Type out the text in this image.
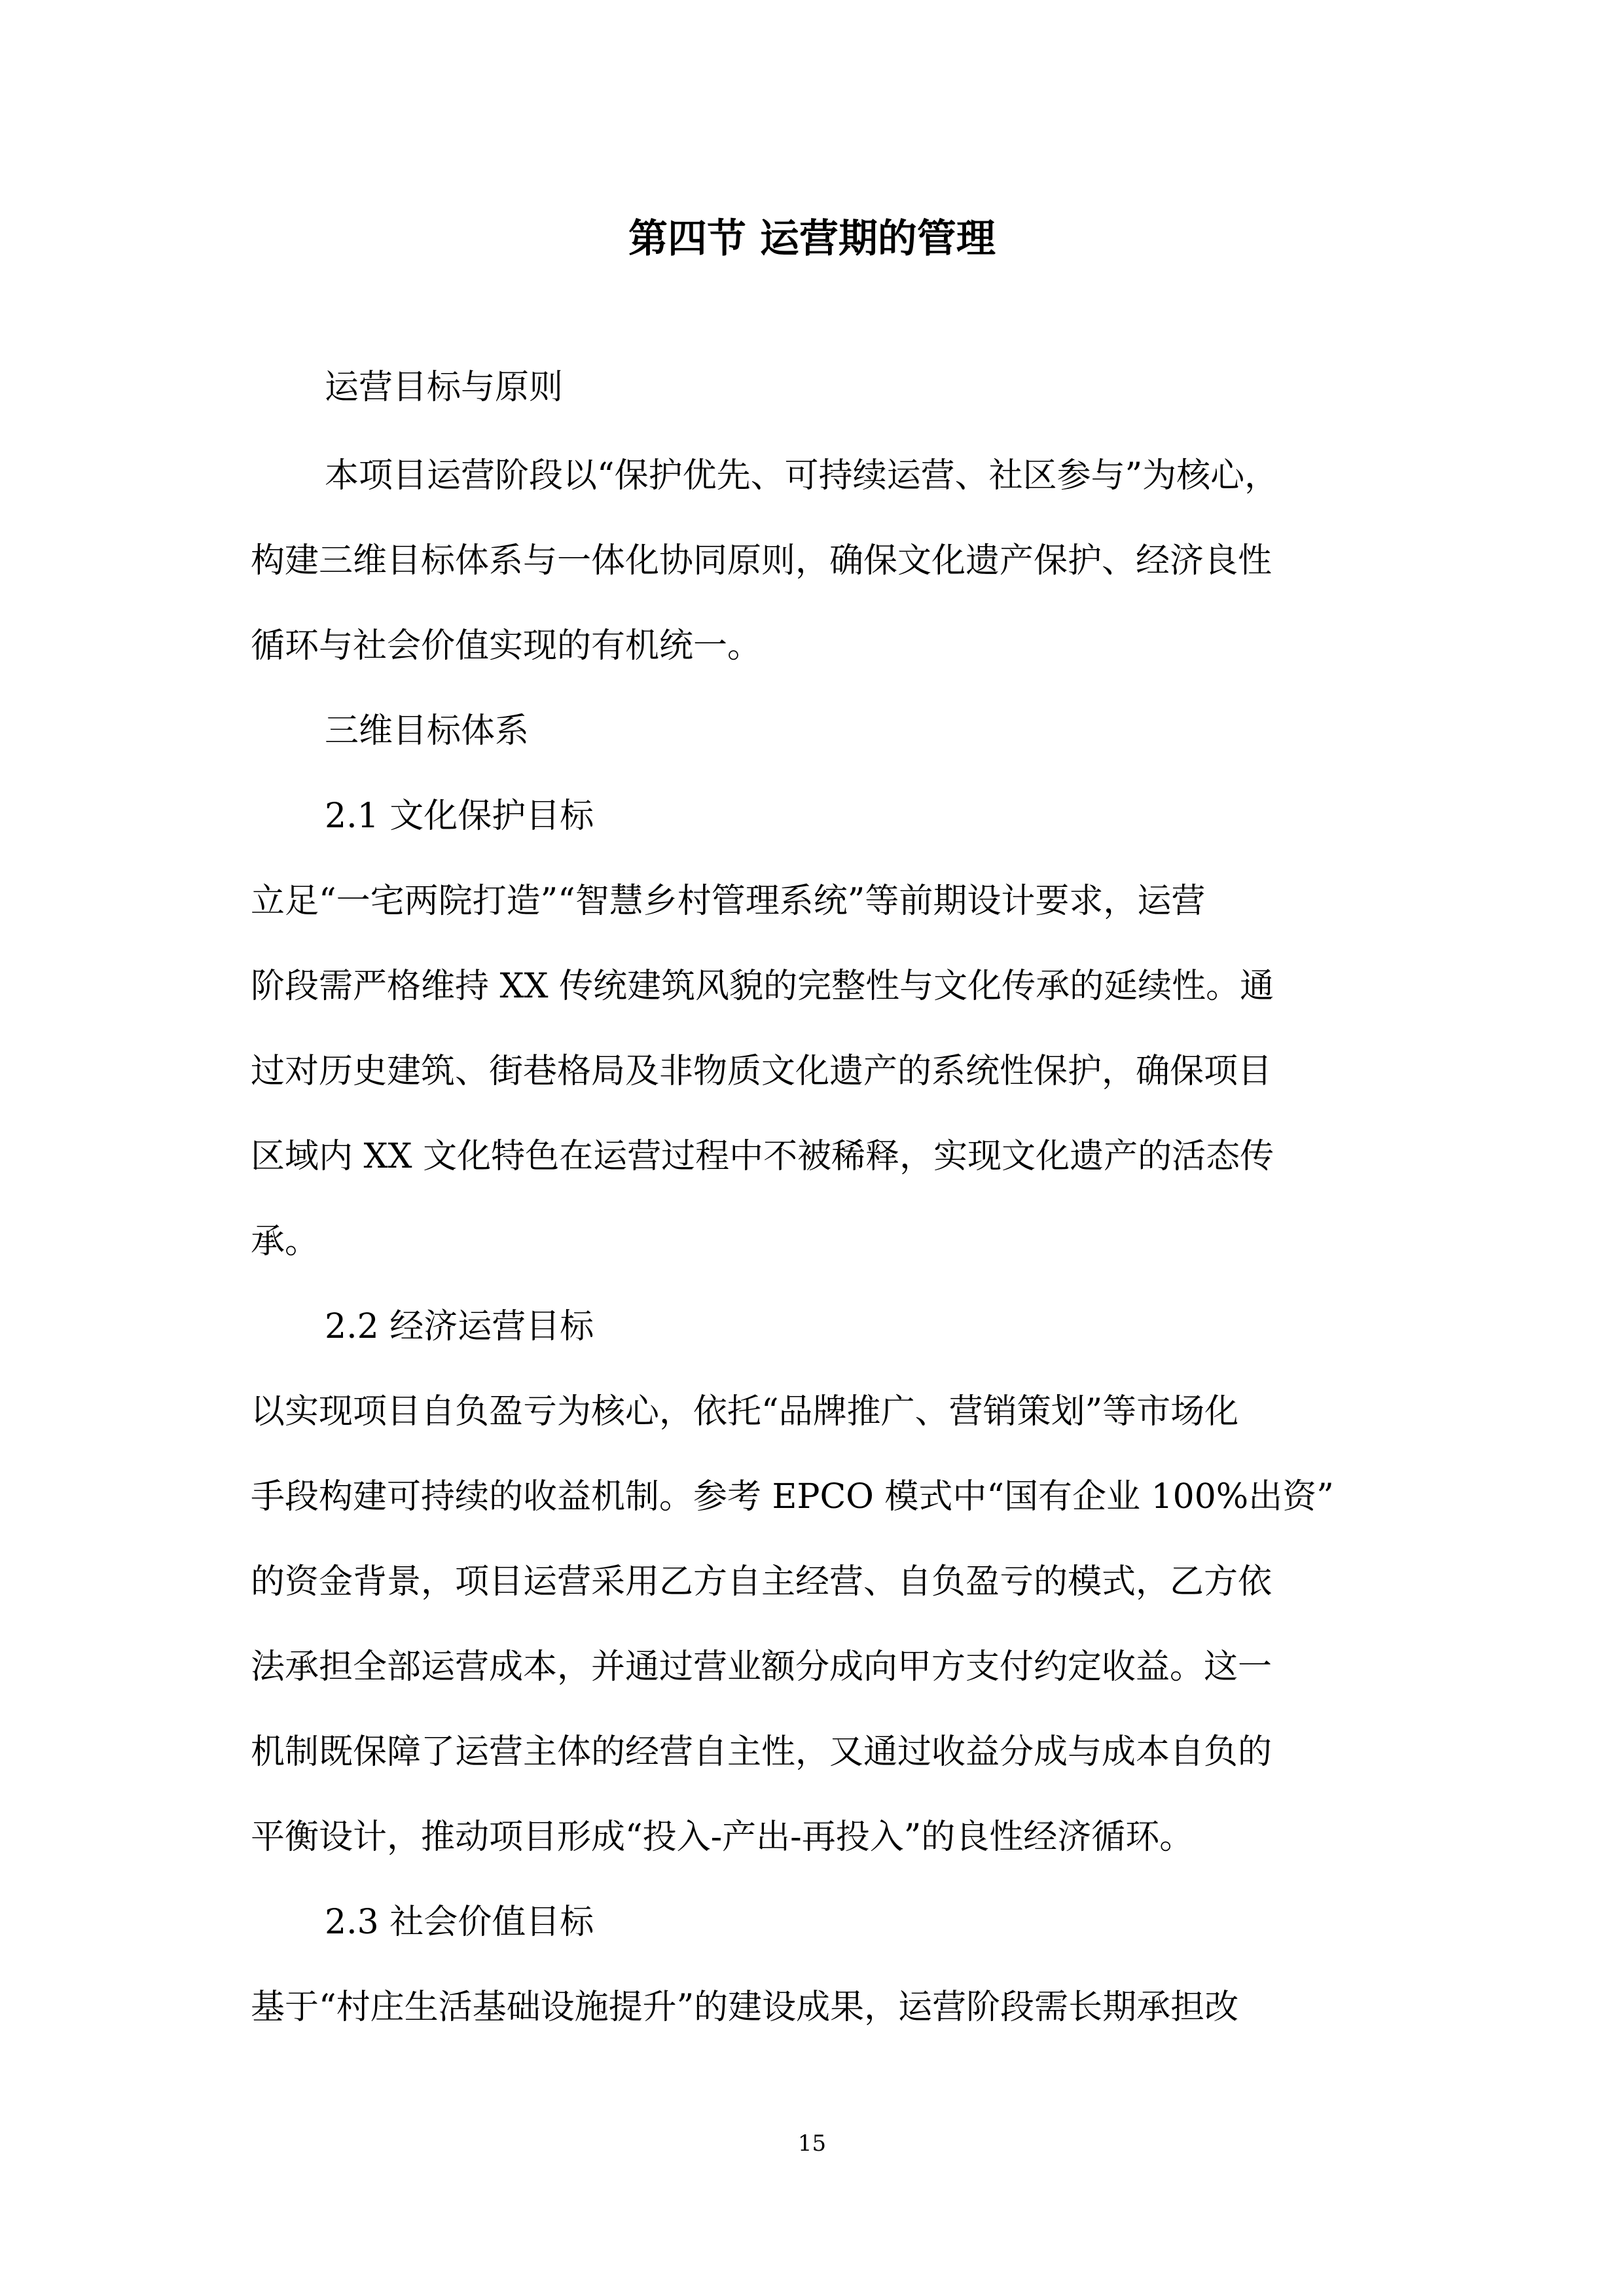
第四节 运营期的管理
运营目标与原则
本项目运营阶段以“保护优先、可持续运营、社区参与”为核心，
构建三维目标体系与一体化协同原则，确保文化遗产保护、经济良性
循环与社会价值实现的有机统一。
三维目标体系
2.1 文化保护目标
立足“一宅两院打造”“智慧乡村管理系统”等前期设计要求，运营
阶段需严格维持 XX 传统建筑风貌的完整性与文化传承的延续性。通
过对历史建筑、街巷格局及非物质文化遗产的系统性保护，确保项目
区域内 XX 文化特色在运营过程中不被稀释，实现文化遗产的活态传
承。
2.2 经济运营目标
以实现项目自负盈亏为核心，依托“品牌推广、营销策划”等市场化
手段构建可持续的收益机制。参考 EPCO 模式中“国有企业 100%出资”
的资金背景，项目运营采用乙方自主经营、自负盈亏的模式，乙方依
法承担全部运营成本，并通过营业额分成向甲方支付约定收益。这一
机制既保障了运营主体的经营自主性，又通过收益分成与成本自负的
平衡设计，推动项目形成“投入-产出-再投入”的良性经济循环。
2.3 社会价值目标
基于“村庄生活基础设施提升”的建设成果，运营阶段需长期承担改
15
